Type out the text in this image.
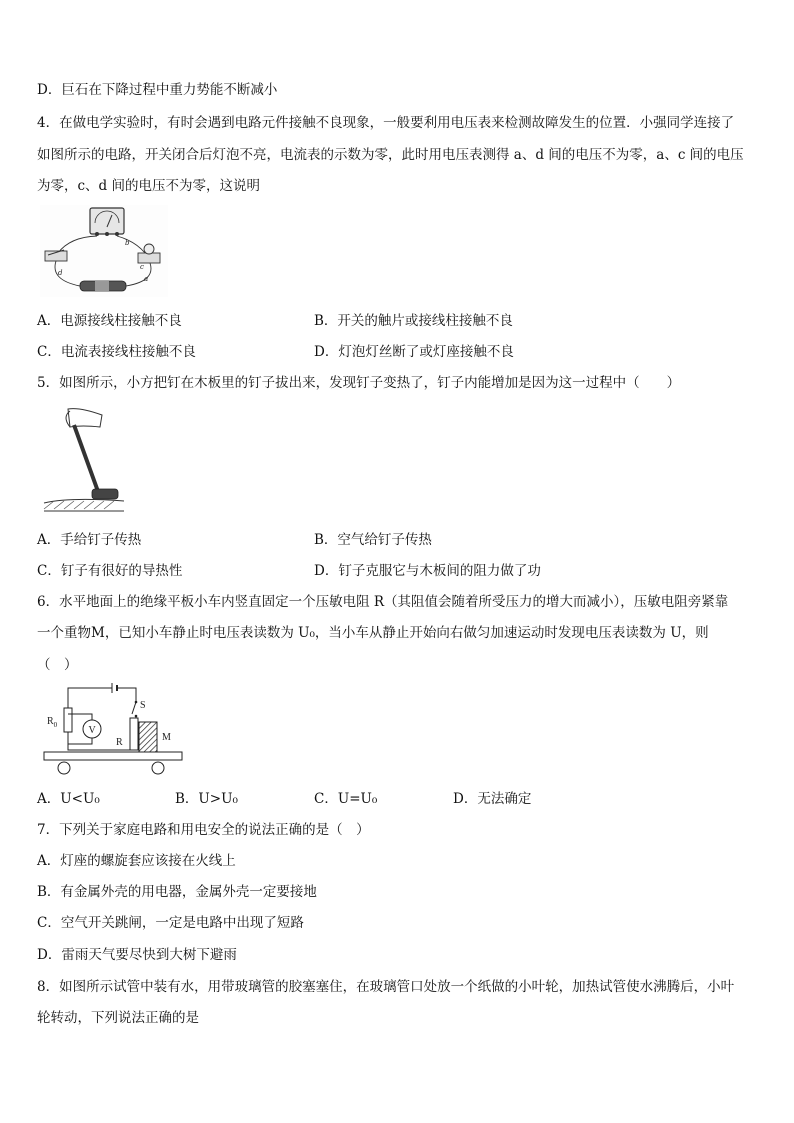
D．巨石在下降过程中重力势能不断减小
4．在做电学实验时，有时会遇到电路元件接触不良现象，一般要利用电压表来检测故障发生的位置．小强同学连接了
如图所示的电路，开关闭合后灯泡不亮，电流表的示数为零，此时用电压表测得 a、d 间的电压不为零，a、c 间的电压
为零，c、d 间的电压不为零，这说明
b
c
d
a
A．电源接线柱接触不良	B．开关的触片或接线柱接触不良
C．电流表接线柱接触不良	D．灯泡灯丝断了或灯座接触不良
5．如图所示，小方把钉在木板里的钉子拔出来，发现钉子变热了，钉子内能增加是因为这一过程中（　　）
A．手给钉子传热	B．空气给钉子传热
C．钉子有很好的导热性	D．钉子克服它与木板间的阻力做了功
6．水平地面上的绝缘平板小车内竖直固定一个压敏电阻 R（其阻值会随着所受压力的增大而减小），压敏电阻旁紧靠
一个重物M，已知小车静止时电压表读数为 U₀，当小车从静止开始向右做匀加速运动时发现电压表读数为 U，则
（　）
S
$R_0$	V
R	M
A．U<U₀	B．U>U₀	C．U=U₀	D．无法确定
7．下列关于家庭电路和用电安全的说法正确的是（　）
A．灯座的螺旋套应该接在火线上
B．有金属外壳的用电器，金属外壳一定要接地
C．空气开关跳闸，一定是电路中出现了短路
D．雷雨天气要尽快到大树下避雨
8．如图所示试管中装有水，用带玻璃管的胶塞塞住，在玻璃管口处放一个纸做的小叶轮，加热试管使水沸腾后，小叶
轮转动，下列说法正确的是
